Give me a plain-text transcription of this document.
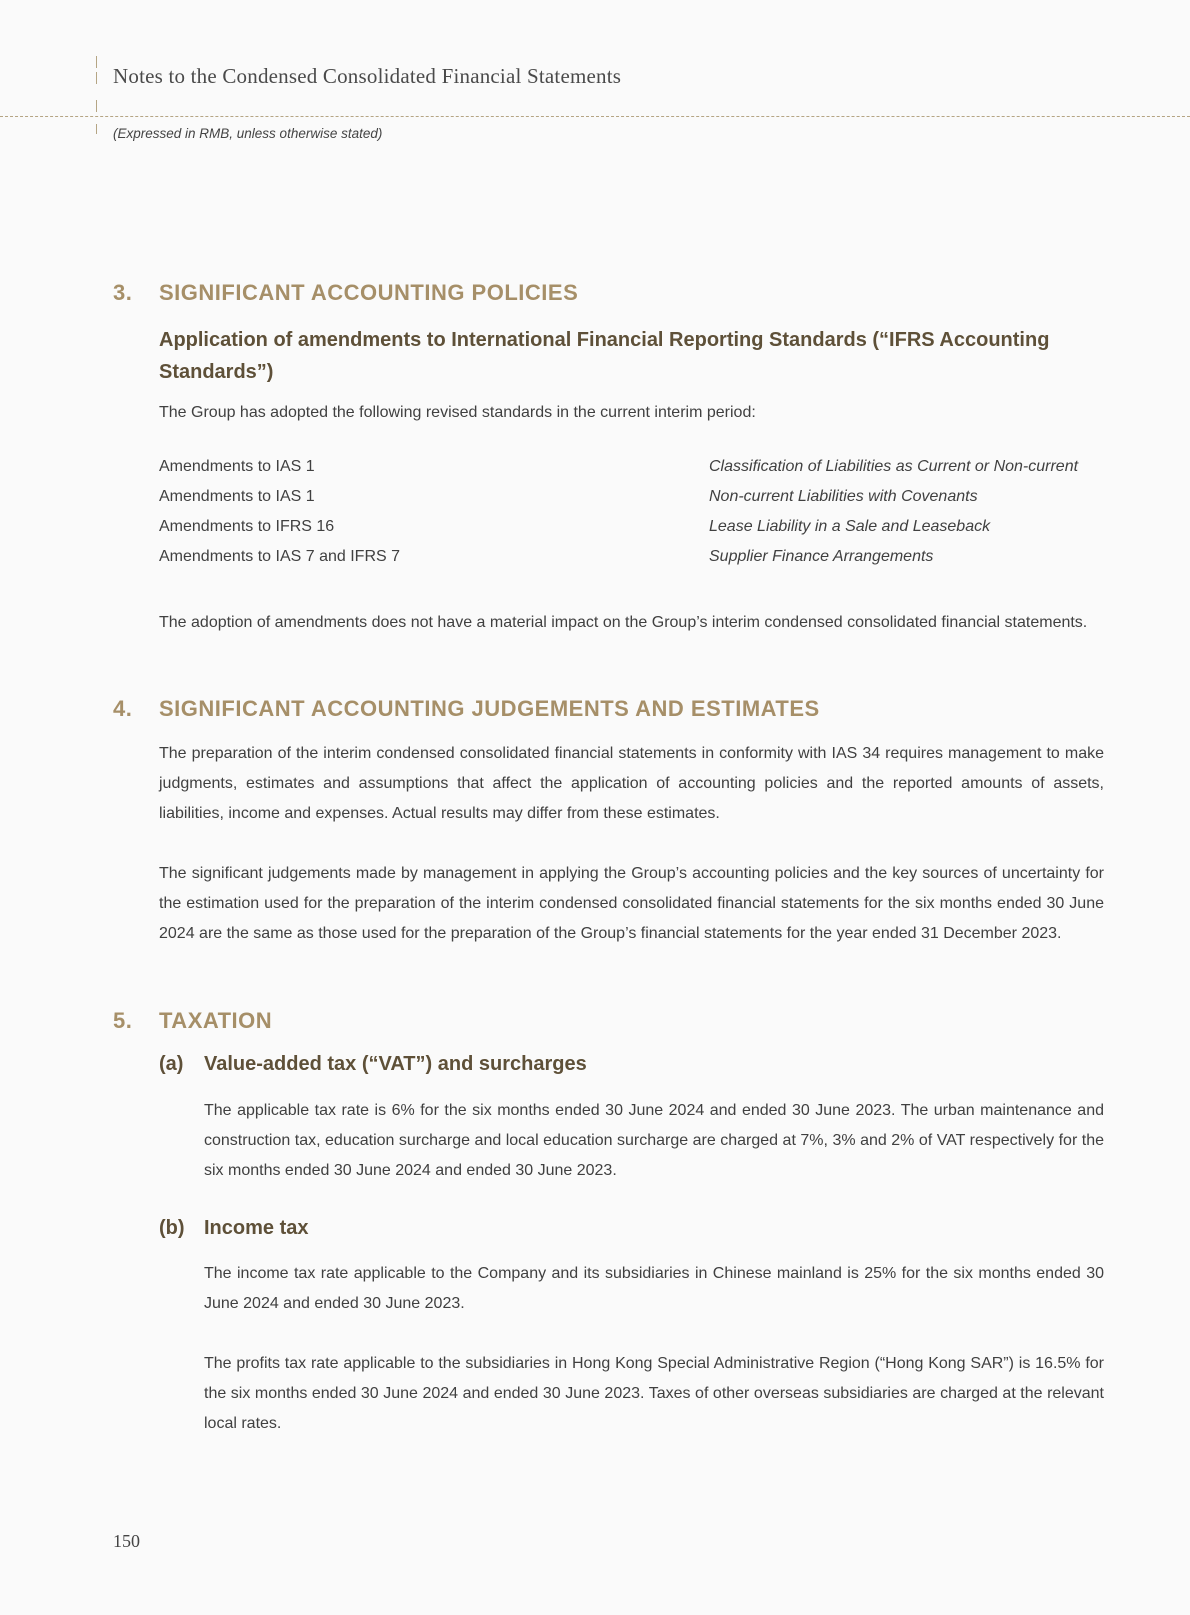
Notes to the Condensed Consolidated Financial Statements
(Expressed in RMB, unless otherwise stated)
3. SIGNIFICANT ACCOUNTING POLICIES
Application of amendments to International Financial Reporting Standards (“IFRS Accounting Standards”)

The Group has adopted the following revised standards in the current interim period:

Amendments to IAS 1	Classification of Liabilities as Current or Non-current
Amendments to IAS 1	Non-current Liabilities with Covenants
Amendments to IFRS 16	Lease Liability in a Sale and Leaseback
Amendments to IAS 7 and IFRS 7	Supplier Finance Arrangements

The adoption of amendments does not have a material impact on the Group’s interim condensed consolidated financial statements.

4. SIGNIFICANT ACCOUNTING JUDGEMENTS AND ESTIMATES

The preparation of the interim condensed consolidated financial statements in conformity with IAS 34 requires management to make judgments, estimates and assumptions that affect the application of accounting policies and the reported amounts of assets, liabilities, income and expenses. Actual results may differ from these estimates.

The significant judgements made by management in applying the Group’s accounting policies and the key sources of uncertainty for the estimation used for the preparation of the interim condensed consolidated financial statements for the six months ended 30 June 2024 are the same as those used for the preparation of the Group’s financial statements for the year ended 31 December 2023.

5. TAXATION
(a) Value-added tax (“VAT”) and surcharges

The applicable tax rate is 6% for the six months ended 30 June 2024 and ended 30 June 2023. The urban maintenance and construction tax, education surcharge and local education surcharge are charged at 7%, 3% and 2% of VAT respectively for the six months ended 30 June 2024 and ended 30 June 2023.

(b) Income tax

The income tax rate applicable to the Company and its subsidiaries in Chinese mainland is 25% for the six months ended 30 June 2024 and ended 30 June 2023.

The profits tax rate applicable to the subsidiaries in Hong Kong Special Administrative Region (“Hong Kong SAR”) is 16.5% for the six months ended 30 June 2024 and ended 30 June 2023. Taxes of other overseas subsidiaries are charged at the relevant local rates.

150
